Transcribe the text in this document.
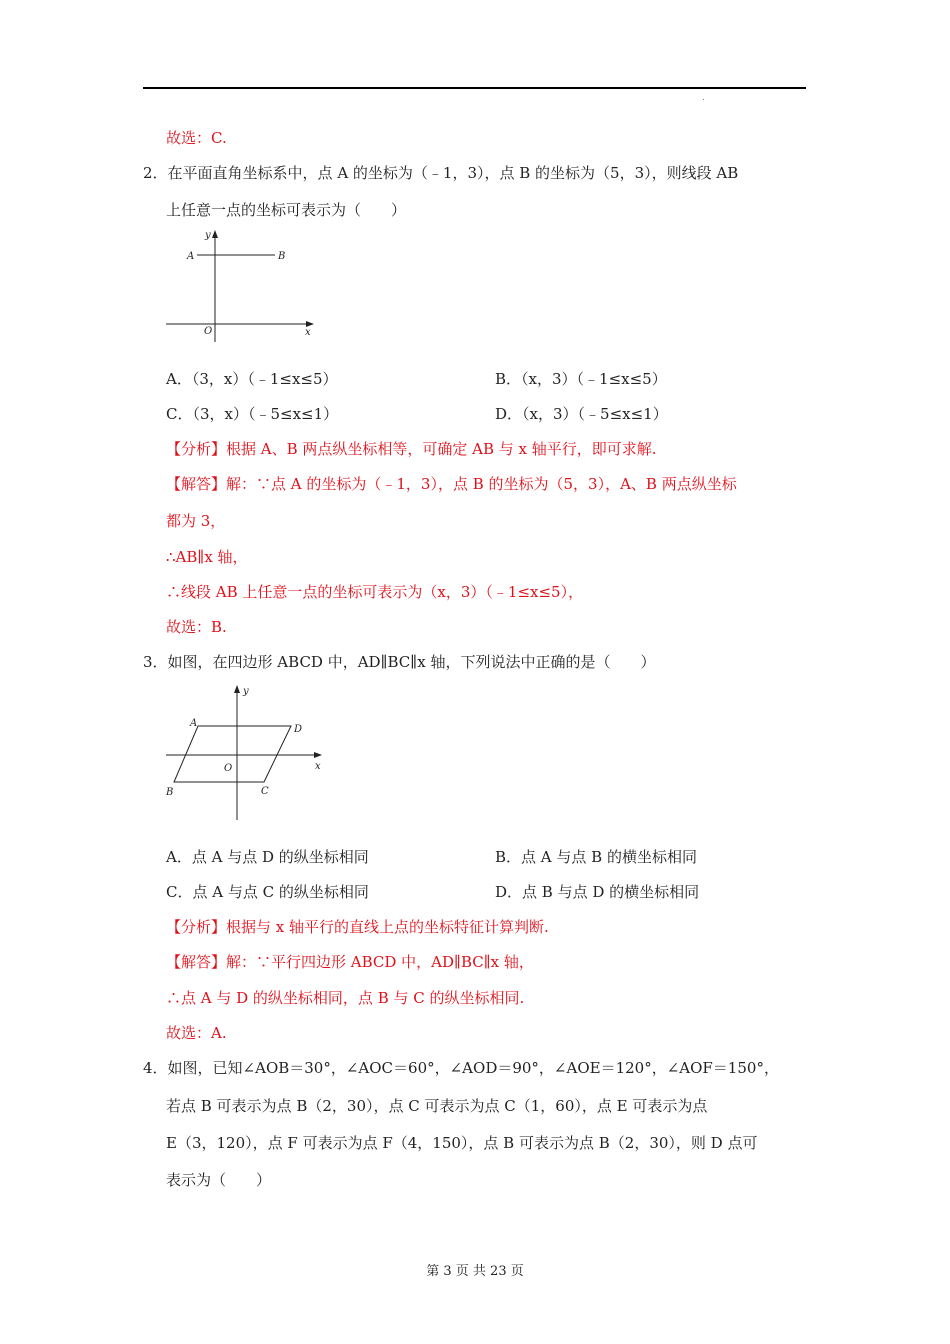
故选：C.
2．在平面直角坐标系中，点 A 的坐标为（﹣1，3），点 B 的坐标为（5，3），则线段 AB
上任意一点的坐标可表示为（　　）
y
x
O
A	B
A．（3，x）（﹣1≤x≤5）	B．（x，3）（﹣1≤x≤5）
C．（3，x）（﹣5≤x≤1）	D．（x，3）（﹣5≤x≤1）
【分析】根据 A、B 两点纵坐标相等，可确定 AB 与 x 轴平行，即可求解.
【解答】解：∵点 A 的坐标为（﹣1，3），点 B 的坐标为（5，3），A、B 两点纵坐标
都为 3，
∴AB∥x 轴，
∴线段 AB 上任意一点的坐标可表示为（x，3）（﹣1≤x≤5），
故选：B.
3．如图，在四边形 ABCD 中，AD∥BC∥x 轴，下列说法中正确的是（　　）
y
x
O
A
D
B	C
A．点 A 与点 D 的纵坐标相同	B．点 A 与点 B 的横坐标相同
C．点 A 与点 C 的纵坐标相同	D．点 B 与点 D 的横坐标相同
【分析】根据与 x 轴平行的直线上点的坐标特征计算判断.
【解答】解：∵平行四边形 ABCD 中，AD∥BC∥x 轴，
∴点 A 与 D 的纵坐标相同，点 B 与 C 的纵坐标相同.
故选：A.
4．如图，已知∠AOB＝30°，∠AOC＝60°，∠AOD＝90°，∠AOE＝120°，∠AOF＝150°，
若点 B 可表示为点 B（2，30），点 C 可表示为点 C（1，60），点 E 可表示为点
E（3，120），点 F 可表示为点 F（4，150），点 B 可表示为点 B（2，30），则 D 点可
表示为（　　）
第 3 页 共 23 页
